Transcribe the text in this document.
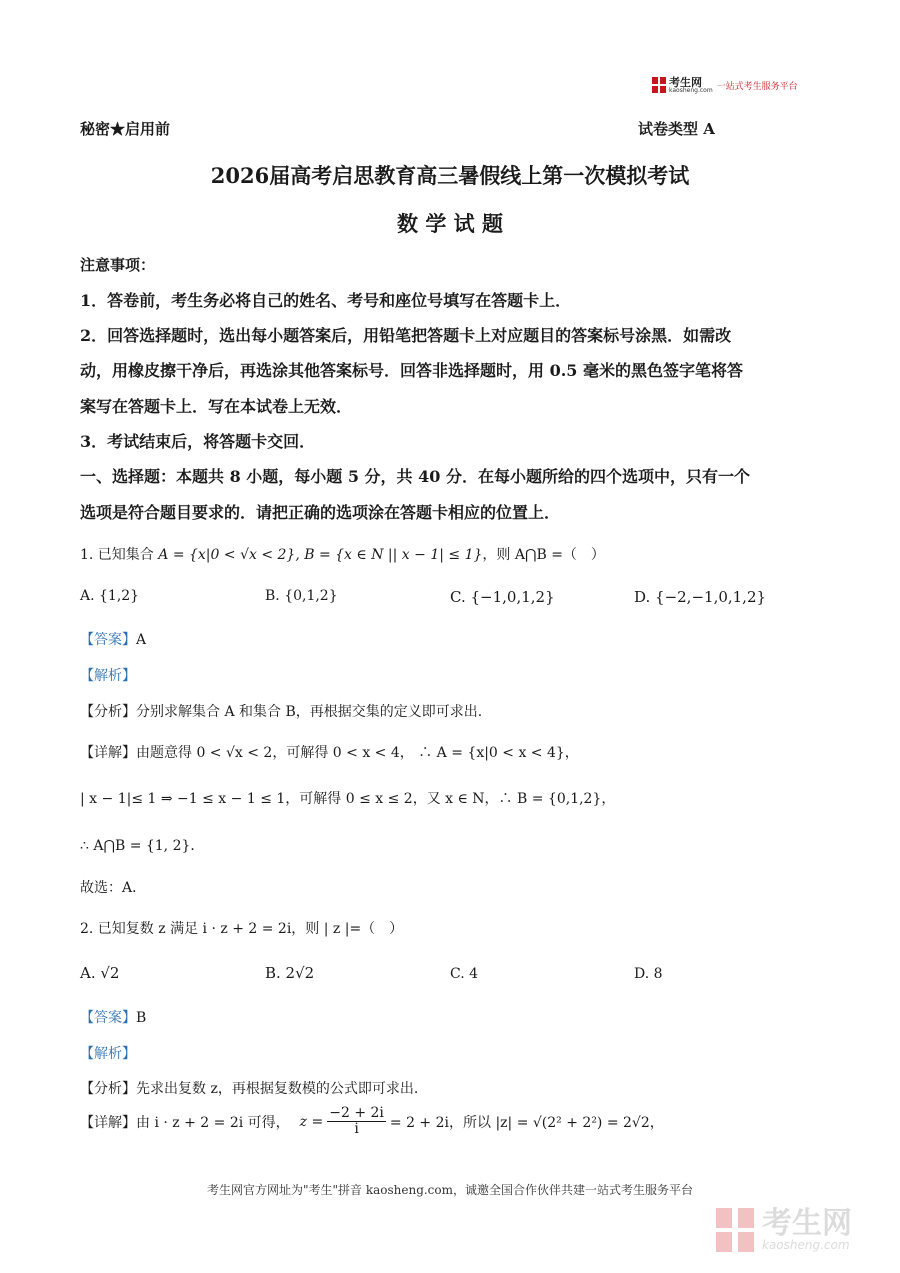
考生网
kaosheng.com 一站式考生服务平台
秘密★启用前	试卷类型 A
2026届高考启思教育高三暑假线上第一次模拟考试
数 学 试 题
注意事项：
1．答卷前，考生务必将自己的姓名、考号和座位号填写在答题卡上．
2．回答选择题时，选出每小题答案后，用铅笔把答题卡上对应题目的答案标号涂黑．如需改
动，用橡皮擦干净后，再选涂其他答案标号．回答非选择题时，用 0.5 毫米的黑色签字笔将答
案写在答题卡上．写在本试卷上无效．
3．考试结束后，将答题卡交回．
一、选择题：本题共 8 小题，每小题 5 分，共 40 分．在每小题所给的四个选项中，只有一个
选项是符合题目要求的．请把正确的选项涂在答题卡相应的位置上．
1. 已知集合 A = {x|0 < √x < 2}, B = {x ∈ N || x − 1| ≤ 1}，则 A⋂B =（　）
A. {1,2}	B. {0,1,2}	C. {−1,0,1,2}	D. {−2,−1,0,1,2}
【答案】A
【解析】
【分析】分别求解集合 A 和集合 B，再根据交集的定义即可求出.
【详解】由题意得 0 < √x < 2，可解得 0 < x < 4， ∴ A = {x|0 < x < 4}，
| x − 1|≤ 1 ⇒ −1 ≤ x − 1 ≤ 1，可解得 0 ≤ x ≤ 2，又 x ∈ N，∴ B = {0,1,2}，
∴ A⋂B = {1, 2}．
故选：A．
2. 已知复数 z 满足 i · z + 2 = 2i，则 | z |=（　）
A. √2	B. 2√2	C. 4	D. 8
【答案】B
【解析】
【分析】先求出复数 z，再根据复数模的公式即可求出.
【详解】 由 i · z + 2 = 2i 可得， $z = \frac{-2 + 2i}{i} = 2 + 2i$，所以 |z| = √(2² + 2²) = 2√2，
考生网官方网址为"考生"拼音 kaosheng.com，诚邀全国合作伙伴共建一站式考生服务平台
考生网
kaosheng.com
